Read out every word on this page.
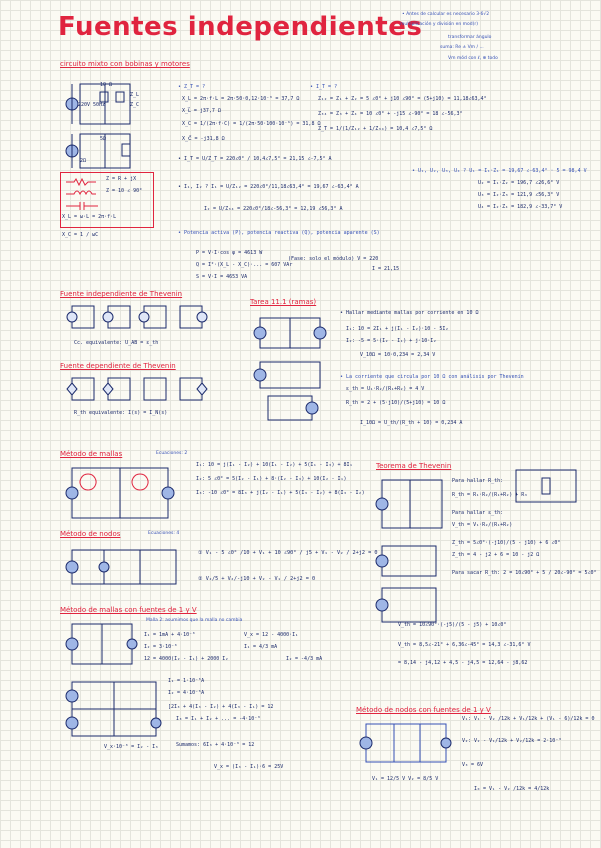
Fuentes independientes
• Antes de calcular es necesario 3·6√2
multiplicación y división en mod(r)
transformar ángulo
suma: Re ± Vm / ...
Vm mód con ℓ, ⊕ todo
circuito mixto con bobinas y motores
220V 50Hz
Z_L
Z_C
10 Ω
5Ω
2Ω
Z = R + jX
Z = 10 ∠ 90°
X_L = ω·L = 2π·f·L
X_C = 1 / ωC
• Z_T = ?	• I_T = ?
X_L = 2π·f·L = 2π·50·0,12·10⁻³ = 37,7 Ω
X_L⃗ = j37,7 Ω
X_C = 1/(2π·f·C) = 1/(2π·50·100·10⁻⁶) = 31,8 Ω
X_C⃗ = -j31,8 Ω
Z₁₂ = Z₁ + Z₂ = 5 ∠0° + j10 ∠90° = (5+j10) = 11,18∠63,4°
Z₃₄ = Z₃ + Z₄ = 10 ∠0° + -j15 ∠-90° = 18 ∠-56,3°
Z_T = 1/(1/Z₁₂ + 1/Z₃₄) = 10,4 ∠7,5° Ω
• I_T = U/Z_T = 220∠0° / 10,4∠7,5° = 21,15 ∠-7,5° A
• U₁, U₂, U₃, U₄ ? U₁ = I₁·Z₁ = 19,67 ∠-63,4° · 5 = 98,4 V
U₂ = I₁·Z₂ = 196,7 ∠26,6° V
U₃ = I₂·Z₃ = 121,9 ∠56,3° V
U₄ = I₂·Z₄ = 182,9 ∠-33,7° V
• I₁, I₂ ? I₁ = U/Z₁₂ = 220∠0°/11,18∠63,4° = 19,67 ∠-63,4° A
I₂ = U/Z₃₄ = 220∠0°/18∠-56,3° = 12,19 ∠56,3° A
• Potencia activa (P), potencia reactiva (Q), potencia aparente (S)
P = V·I·cos φ = 4613 W
Q = I²·(X_L - X_C)·... = 607 VAr
S = V·I = 4653 VA
(Fase: solo el módulo) V = 220
I = 21,15
Fuente independiente de Thevenin
Cc. equivalente: U_AB = ε_th
Fuente dependiente de Thevenin
R_th equivalente: I(s) = I_N(s)
Tarea 11.1 (ramas)
• Hallar mediante mallas por corriente en 10 Ω
I₁: 10 = 2I₁ + j(I₁ - I₂)·10 - 5I₂
I₂: -5 = 5·(I₂ - I₁) + j·10·I₂
V_10Ω = 10·0,234 = 2,34 V
• La corriente que circula por 10 Ω con análisis por Thevenin
ε_th = U₁·R₂/(R₁+R₂) = 4 V
R_th = 2 + (5·j10)/(5+j10) = 10 Ω
I_10Ω = U_th/(R_th + 10) = 0,234 A
Método de mallas	Ecuaciones: 2
I₁: 10 = j(I₁ - I₂) + 10(I₁ - I₂) + 5(I₁ - I₃) + 8I₁
I₂: 5 ∠0° = 5(I₂ - I₁) + 8·(I₂ - I₃) + 10(I₂ - I₁)
I₃: -10 ∠0° = 8I₃ + j(I₂ - I₁) + 5(I₃ - I₂) + 8(I₃ - I₂)
Método de nodos	Ecuaciones: 4
① V₁ - 5 ∠0° /10 + V₁ + 10 ∠90° / j5 + V₁ - V₂ / 2+j2 = 0
② V₂/5 + V₂/-j10 + V₂ - V₁ / 2+j2 = 0
Teorema de Thevenin
Para hallar R_th:
R_th = R₁·R₂/(R₁+R₂) + R₃
Para hallar ε_th:
V_th = V₁·R₂/(R₁+R₂)
Z_th = 5∠0°·(-j10)/(5 - j10) + 6 ∠0°
Z_th = 4 - j2 + 6 = 10 - j2 Ω
Para sacar R_th: 2 = 10∠90° + 5 / 20∠-90° = 5∠0°
V_th = 10∠90°·(-j5)/(5 - j5) + 10∠0°
V_th = 8,5∠-21° + 6,36∠-45° = 14,3 ∠-31,6° V
= 8,14 - j4,12 + 4,5 - j4,5 = 12,64 - j8,62
Método de mallas con fuentes de 1 y V
Malla 2: asumimos que la malla no cambia
I₁ = 1mA + 4·10⁻³
I₂ = 3·10⁻³
12 = 4000(I₂ - I₁) + 2000 I₂
I₁ = 4/3 mA
I₂ = -4/3 mA
V_x = 12 - 4000·I₁
I₁ = 1·10⁻³A
I₂ = 4·10⁻³A
[2I₃ + 4(I₃ - I₂) + 4(I₃ - I₁) = 12
I₃ = I₁ + I₂ + ... = -4·10⁻³
Sumamos: 6I₃ + 4·10⁻³ = 12
V_x = (I₃ - I₁)·6 = 25V
V_x·10⁻³ = I₂ - I₃
Método de nodos con fuentes de 1 y V
V₁: V₁ - V₂ /12k + V₁/12k + (V₁ - 6)/12k = 0
V₂: V₂ - V₁/12k + V₂/12k = 2·10⁻³
V₃ = 6V
I₀ = V₁ - V₂ /12k = 4/12k
V₁ = 12/5 V V₂ = 8/5 V
